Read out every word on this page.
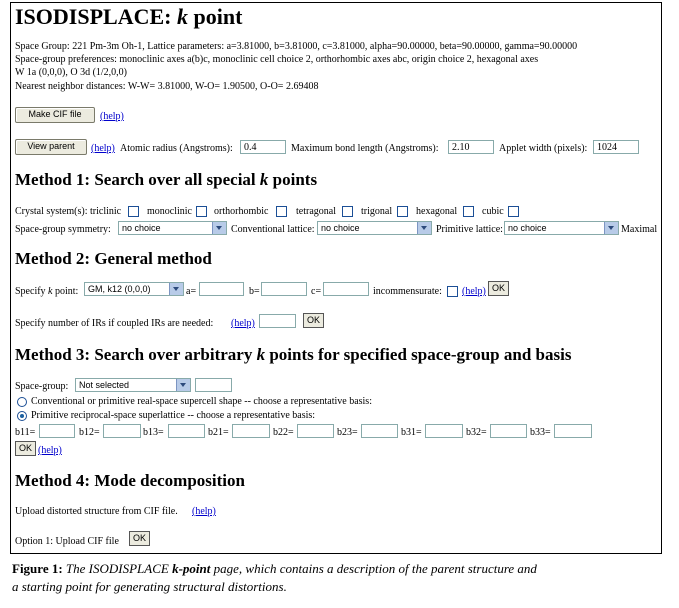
ISODISPLACE: k point
Space Group: 221 Pm-3m Oh-1, Lattice parameters: a=3.81000, b=3.81000, c=3.81000, alpha=90.00000, beta=90.00000, gamma=90.00000
Space-group preferences: monoclinic axes a(b)c, monoclinic cell choice 2, orthorhombic axes abc, origin choice 2, hexagonal axes
W 1a (0,0,0), O 3d (1/2,0,0)
Nearest neighbor distances: W-W= 3.81000, W-O= 1.90500, O-O= 2.69408
Make CIF file	(help)
View parent	(help) Atomic radius (Angstroms):	0.4	Maximum bond length (Angstroms):	2.10	Applet width (pixels): 1024
Method 1: Search over all special k points
Crystal system(s): triclinic	monoclinic orthorhombic	tetragonal	trigonal hexagonal cubic
Space-group symmetry:	no choice	Conventional lattice: no choice	Primitive lattice: no choice	Maximal
Method 2: General method
Specify k point:	GM, k12 (0,0,0)	a=	b=	c=	incommensurate: (help) OK
Specify number of IRs if coupled IRs are needed: (help)	OK
Method 3: Search over arbitrary k points for specified space-group and basis
Space-group:	Not selected
Conventional or primitive real-space supercell shape -- choose a representative basis:
Primitive reciprocal-space superlattice -- choose a representative basis:
b11=	b12=	b13=	b21=	b22=	b23=	b31=	b32=	b33=
OK (help)
Method 4: Mode decomposition
Upload distorted structure from CIF file. (help)
Option 1: Upload CIF file	OK
Figure 1: The ISODISPLACE k-point page, which contains a description of the parent structure and
a starting point for generating structural distortions.
